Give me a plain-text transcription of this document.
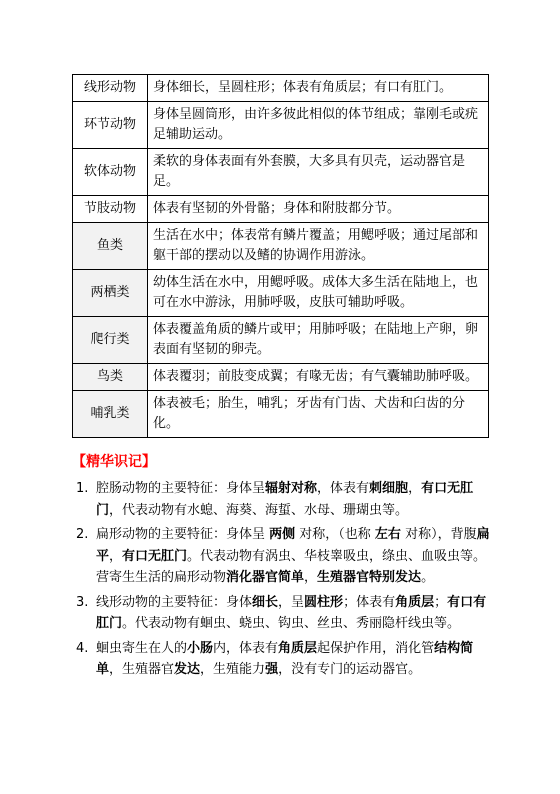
线形动物	身体细长，呈圆柱形；体表有角质层；有口有肛门。
环节动物	身体呈圆筒形，由许多彼此相似的体节组成；靠刚毛或疣足辅助运动。
软体动物	柔软的身体表面有外套膜，大多具有贝壳，运动器官是足。
节肢动物	体表有坚韧的外骨骼；身体和附肢都分节。
鱼类	生活在水中；体表常有鳞片覆盖；用鳃呼吸；通过尾部和躯干部的摆动以及鳍的协调作用游泳。
两栖类	幼体生活在水中，用鳃呼吸。成体大多生活在陆地上，也可在水中游泳，用肺呼吸，皮肤可辅助呼吸。
爬行类	体表覆盖角质的鳞片或甲；用肺呼吸；在陆地上产卵，卵表面有坚韧的卵壳。
鸟类	体表覆羽；前肢变成翼；有喙无齿；有气囊辅助肺呼吸。
哺乳类	体表被毛；胎生，哺乳；牙齿有门齿、犬齿和臼齿的分化。
【精华识记】
1. 腔肠动物的主要特征：身体呈辐射对称，体表有刺细胞，有口无肛门，代表动物有水螅、海葵、海蜇、水母、珊瑚虫等。
2. 扁形动物的主要特征：身体呈 两侧 对称，（也称 左右 对称），背腹扁平，有口无肛门。代表动物有涡虫、华枝睾吸虫，绦虫、血吸虫等。营寄生生活的扁形动物消化器官简单，生殖器官特别发达。
3. 线形动物的主要特征：身体细长，呈圆柱形；体表有角质层；有口有肛门。代表动物有蛔虫、蛲虫、钩虫、丝虫、秀丽隐杆线虫等。
4. 蛔虫寄生在人的小肠内，体表有角质层起保护作用，消化管结构简单，生殖器官发达，生殖能力强，没有专门的运动器官。
